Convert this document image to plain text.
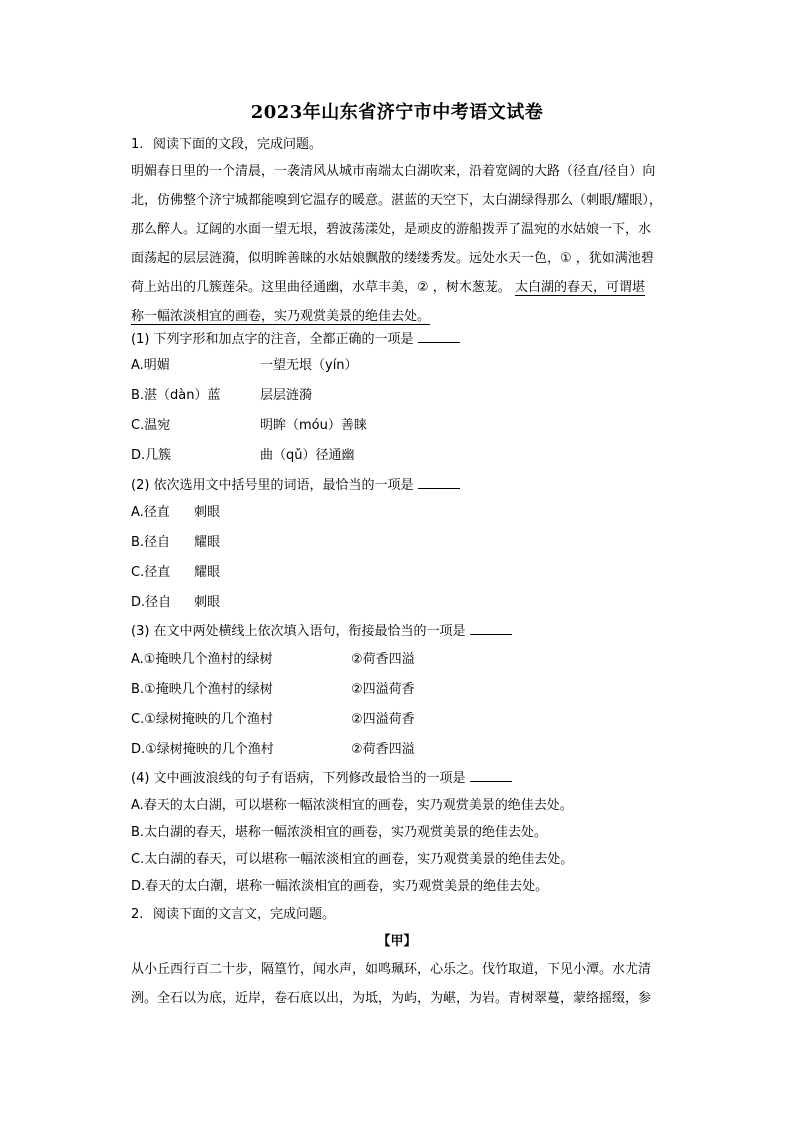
2023年山东省济宁市中考语文试卷
1. 阅读下面的文段，完成问题。
明媚春日里的一个清晨，一袭清风从城市南端太白湖吹来，沿着宽阔的大路（径直/径自）向
北，仿佛整个济宁城都能嗅到它温存的暖意。湛蓝的天空下，太白湖绿得那么（刺眼/耀眼），
那么醉人。辽阔的水面一望无垠，碧波荡漾处，是顽皮的游船拨弄了温宛的水姑娘一下，水
面荡起的层层涟漪，似明眸善睐的水姑娘飘散的缕缕秀发。远处水天一色，① ，犹如满池碧
荷上站出的几簇莲朵。这里曲径通幽，水草丰美，② ，树木葱茏。 太白湖的春天，可谓堪
称一幅浓淡相宜的画卷，实乃观赏美景的绝佳去处。
(1) 下列字形和加点字的注音，全都正确的一项是
A.明媚	一望无垠（yín）
B.湛（dàn）蓝	层层涟漪
C.温宛	明眸（móu）善睐
D.几簇	曲（qǔ）径通幽
(2) 依次选用文中括号里的词语，最恰当的一项是
A.径直 刺眼
B.径自 耀眼
C.径直 耀眼
D.径自 刺眼
(3) 在文中两处横线上依次填入语句，衔接最恰当的一项是
A.①掩映几个渔村的绿树	②荷香四溢
B.①掩映几个渔村的绿树	②四溢荷香
C.①绿树掩映的几个渔村	②四溢荷香
D.①绿树掩映的几个渔村	②荷香四溢
(4) 文中画波浪线的句子有语病，下列修改最恰当的一项是
A.春天的太白湖，可以堪称一幅浓淡相宜的画卷，实乃观赏美景的绝佳去处。
B.太白湖的春天，堪称一幅浓淡相宜的画卷，实乃观赏美景的绝佳去处。
C.太白湖的春天，可以堪称一幅浓淡相宜的画卷，实乃观赏美景的绝佳去处。
D.春天的太白潮，堪称一幅浓淡相宜的画卷，实乃观赏美景的绝佳去处。
2. 阅读下面的文言文，完成问题。
【甲】
从小丘西行百二十步，隔篁竹，闻水声，如鸣珮环，心乐之。伐竹取道，下见小潭。水尤清
洌。全石以为底，近岸，卷石底以出，为坻，为屿，为嵁，为岩。青树翠蔓，蒙络摇缀，参
